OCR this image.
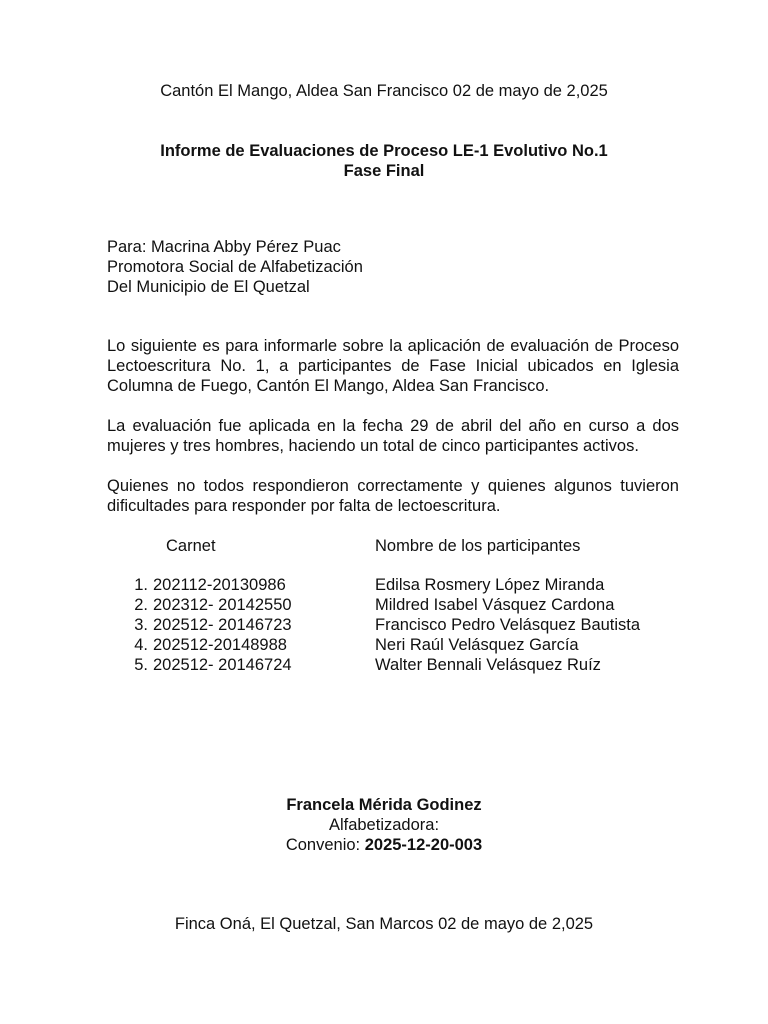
Cantón El Mango, Aldea San Francisco 02 de mayo de 2,025

Informe de Evaluaciones de Proceso LE-1 Evolutivo No.1
Fase Final
Para: Macrina Abby Pérez Puac
Promotora Social de Alfabetización
Del Municipio de El Quetzal

Lo siguiente es para informarle sobre la aplicación de evaluación de Proceso Lectoescritura No. 1, a participantes de Fase Inicial ubicados en Iglesia Columna de Fuego, Cantón El Mango, Aldea San Francisco.

La evaluación fue aplicada en la fecha 29 de abril del año en curso a dos mujeres y tres hombres, haciendo un total de cinco participantes activos.

Quienes no todos respondieron correctamente y quienes algunos tuvieron dificultades para responder por falta de lectoescritura.

Carnet	Nombre de los participantes
1. 202112-20130986	Edilsa Rosmery López Miranda
2. 202312- 20142550	Mildred Isabel Vásquez Cardona
3. 202512- 20146723	Francisco Pedro Velásquez Bautista
4. 202512-20148988	Neri Raúl Velásquez García
5. 202512- 20146724	Walter Bennali Velásquez Ruíz
Francela Mérida Godinez
Alfabetizadora:
Convenio: 2025-12-20-003

Finca Oná, El Quetzal, San Marcos 02 de mayo de 2,025
